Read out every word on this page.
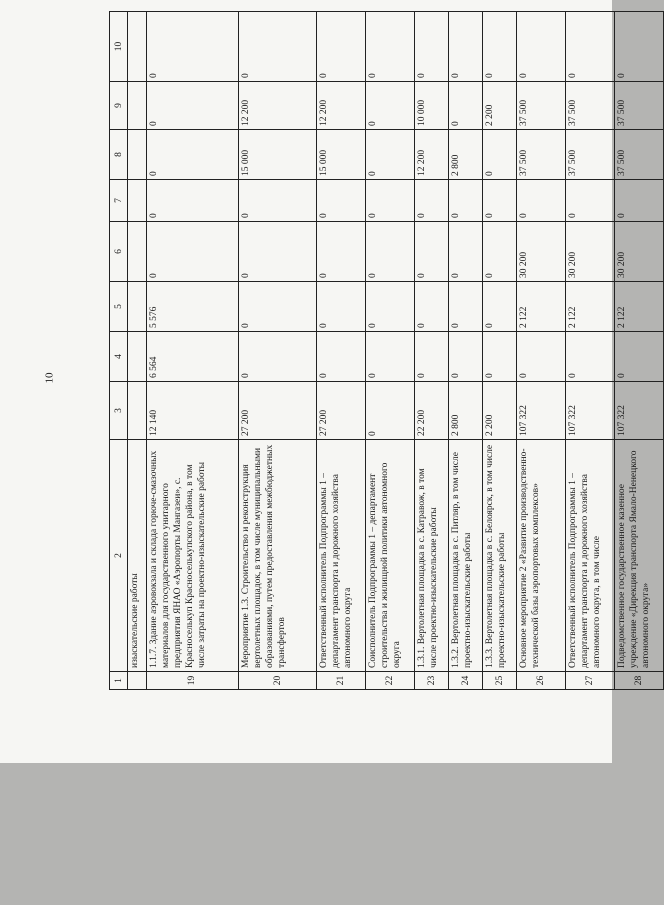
10
1	2	3	4	5	6	7	8	9	10
	изыскательские работы								
19	1.1.7. Здание аэровокзала и склада горюче-смазочных материалов для государственного унитарного предприятия ЯНАО «Аэропорты Мангазеи», с. Красноселькуп Красноселькупского района, в том числе затраты на проектно-изыскательские работы	12 140	6 564	5 576	0	0	0	0	0
20	Мероприятие 1.3. Строительство и реконструкция вертолетных площадок, в том числе муниципальными образованиями, путем предоставления межбюджетных трансфертов	27 200	0	0	0	0	15 000	12 200	0
21	Ответственный исполнитель Подпрограммы 1 – департамент транспорта и дорожного хозяйства автономного округа	27 200	0	0	0	0	15 000	12 200	0
22	Соисполнитель Подпрограммы 1 – департамент строительства и жилищной политики автономного округа	0	0	0	0	0	0	0	0
23	1.3.1. Вертолетная площадка в с. Катравож, в том числе проектно-изыскательские работы	22 200	0	0	0	0	12 200	10 000	0
24	1.3.2. Вертолетная площадка в с. Питляр, в том числе проектно-изыскательские работы	2 800	0	0	0	0	2 800	0	0
25	1.3.3. Вертолетная площадка в с. Белоярск, в том числе проектно-изыскательские работы	2 200	0	0	0	0	0	2 200	0
26	Основное мероприятие 2 «Развитие производственно-технической базы аэропортовых комплексов»	107 322	0	2 122	30 200	0	37 500	37 500	0
27	Ответственный исполнитель Подпрограммы 1 – департамент транспорта и дорожного хозяйства автономного округа, в том числе	107 322	0	2 122	30 200	0	37 500	37 500	0
28	Подведомственное государственное казенное учреждение «Дирекция транспорта Ямало-Ненецкого автономного округа»	107 322	0	2 122	30 200	0	37 500	37 500	0
